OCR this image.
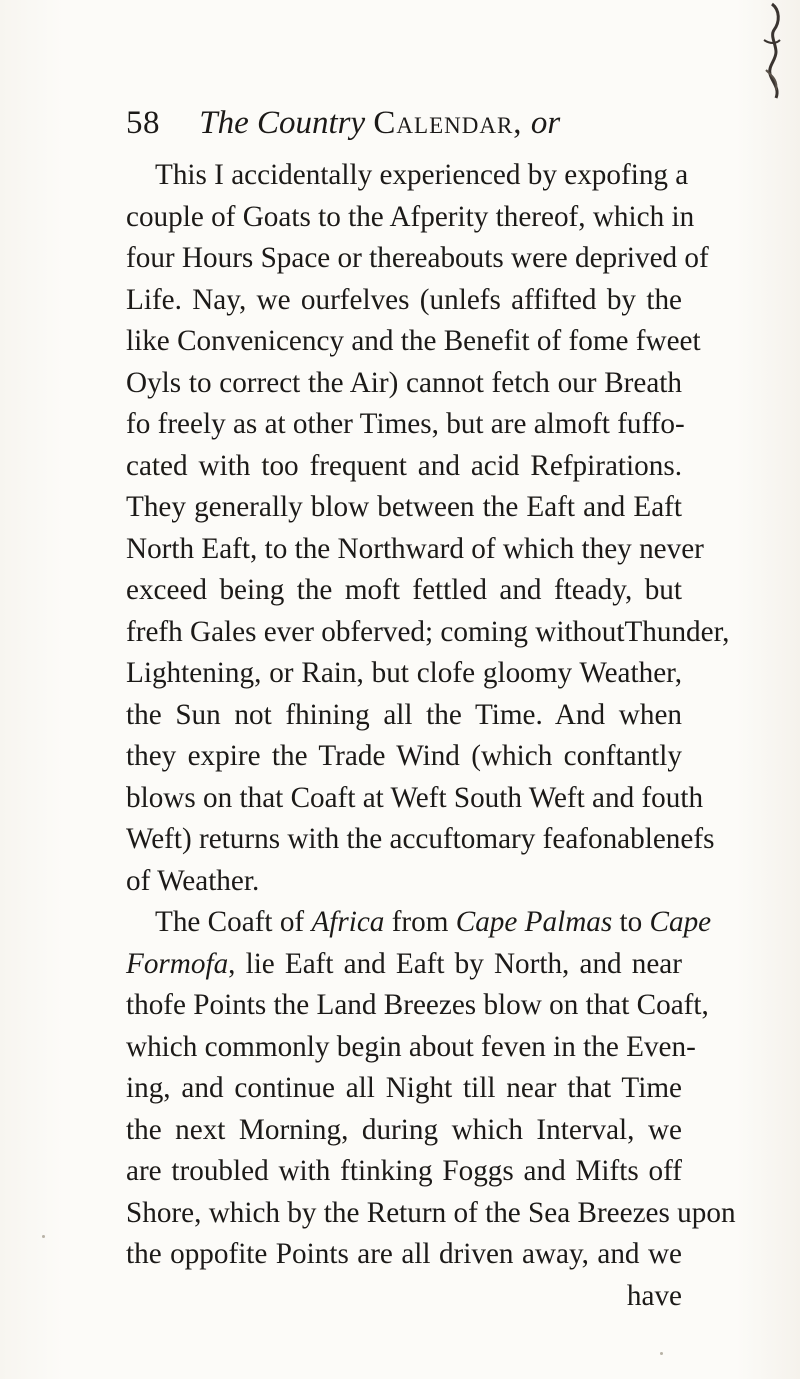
58 The Country Calendar, or
This I accidentally experienced by expofing a
couple of Goats to the Afperity thereof, which in
four Hours Space or thereabouts were deprived of
Life. Nay, we ourfelves (unlefs affifted by the
like Convenicency and the Benefit of fome fweet
Oyls to correct the Air) cannot fetch our Breath
fo freely as at other Times, but are almoft fuffo-
cated with too frequent and acid Refpirations.
They generally blow between the Eaft and Eaft
North Eaft, to the Northward of which they never
exceed being the moft fettled and fteady, but
frefh Gales ever obferved; coming withoutThunder,
Lightening, or Rain, but clofe gloomy Weather,
the Sun not fhining all the Time. And when
they expire the Trade Wind (which conftantly
blows on that Coaft at Weft South Weft and fouth
Weft) returns with the accuftomary feafonablenefs
of Weather.
The Coaft of Africa from Cape Palmas to Cape
Formofa, lie Eaft and Eaft by North, and near
thofe Points the Land Breezes blow on that Coaft,
which commonly begin about feven in the Even-
ing, and continue all Night till near that Time
the next Morning, during which Interval, we
are troubled with ftinking Foggs and Mifts off
Shore, which by the Return of the Sea Breezes upon
the oppofite Points are all driven away, and we
have
